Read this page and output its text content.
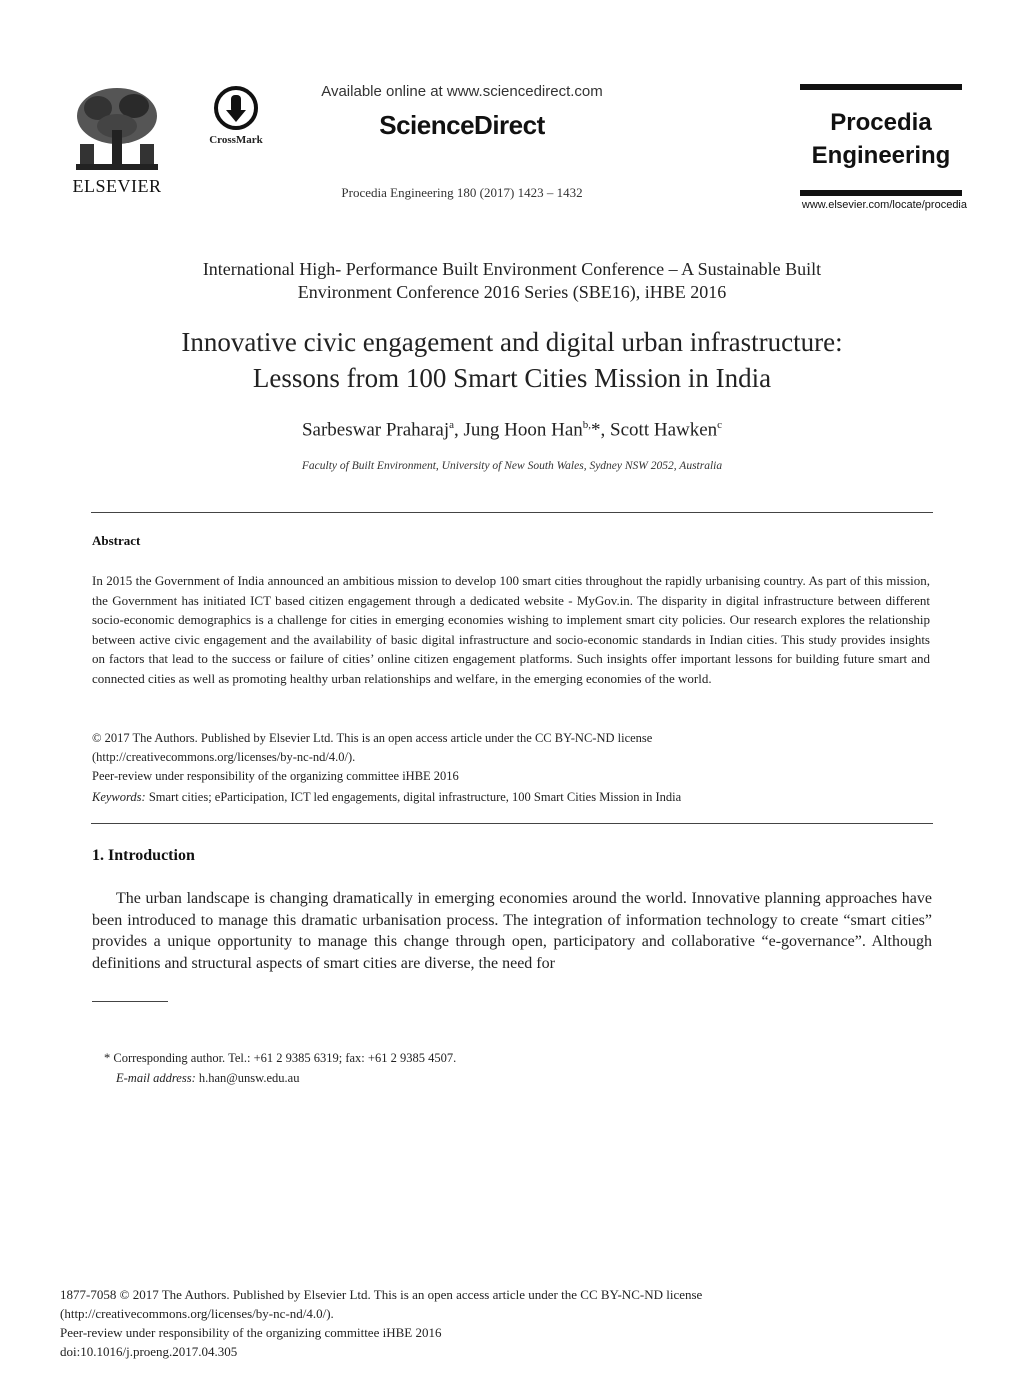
ELSEVIER
CrossMark
Available online at www.sciencedirect.com
ScienceDirect
Procedia Engineering 180 (2017) 1423 – 1432
Procedia
Engineering
www.elsevier.com/locate/procedia
International High- Performance Built Environment Conference – A Sustainable Built
Environment Conference 2016 Series (SBE16), iHBE 2016
Innovative civic engagement and digital urban infrastructure:
Lessons from 100 Smart Cities Mission in India
Sarbeswar Praharaj$^a$, Jung Hoon Han$^{b,}$*, Scott Hawken$^c$
Faculty of Built Environment, University of New South Wales, Sydney NSW 2052, Australia
Abstract

In 2015 the Government of India announced an ambitious mission to develop 100 smart cities throughout the rapidly urbanising country. As part of this mission, the Government has initiated ICT based citizen engagement through a dedicated website - MyGov.in. The disparity in digital infrastructure between different socio-economic demographics is a challenge for cities in emerging economies wishing to implement smart city policies. Our research explores the relationship between active civic engagement and the availability of basic digital infrastructure and socio-economic standards in Indian cities. This study provides insights on factors that lead to the success or failure of cities’ online citizen engagement platforms. Such insights offer important lessons for building future smart and connected cities as well as promoting healthy urban relationships and welfare, in the emerging economies of the world.

© 2017 The Authors. Published by Elsevier Ltd. This is an open access article under the CC BY-NC-ND license
(http://creativecommons.org/licenses/by-nc-nd/4.0/).
Peer-review under responsibility of the organizing committee iHBE 2016
Keywords: Smart cities; eParticipation, ICT led engagements, digital infrastructure, 100 Smart Cities Mission in India
1. Introduction

The urban landscape is changing dramatically in emerging economies around the world. Innovative planning approaches have been introduced to manage this dramatic urbanisation process. The integration of information technology to create “smart cities” provides a unique opportunity to manage this change through open, participatory and collaborative “e-governance”. Although definitions and structural aspects of smart cities are diverse, the need for

* Corresponding author. Tel.: +61 2 9385 6319; fax: +61 2 9385 4507.
E-mail address: h.han@unsw.edu.au
1877-7058 © 2017 The Authors. Published by Elsevier Ltd. This is an open access article under the CC BY-NC-ND license
(http://creativecommons.org/licenses/by-nc-nd/4.0/).
Peer-review under responsibility of the organizing committee iHBE 2016
doi:10.1016/j.proeng.2017.04.305
